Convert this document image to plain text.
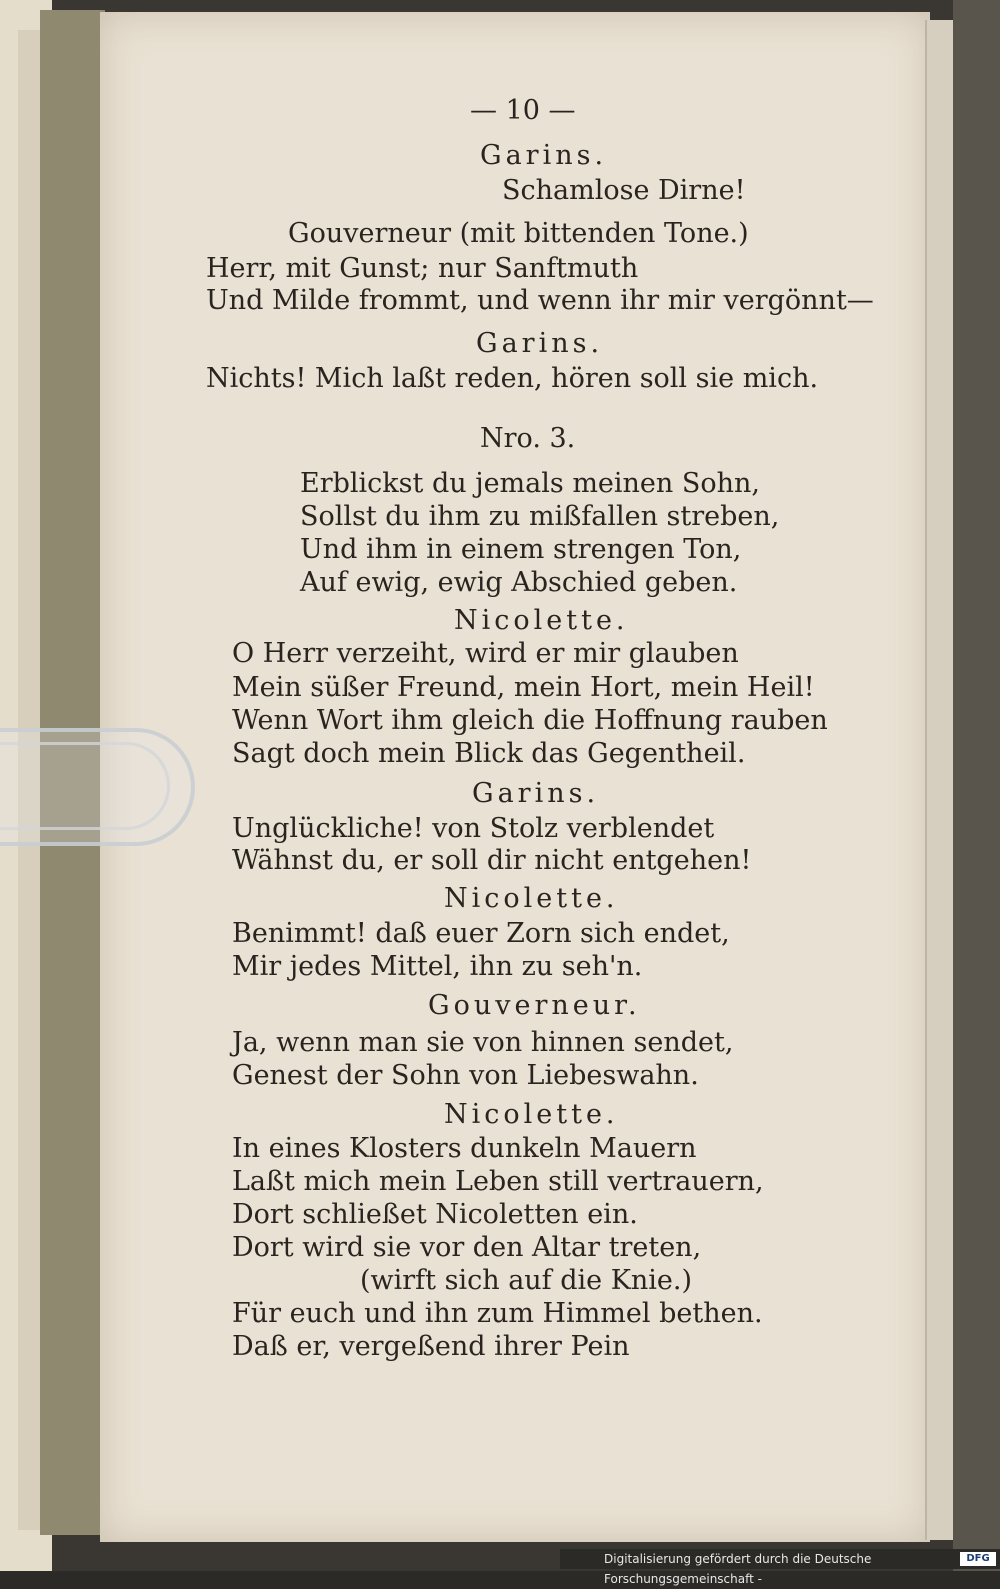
— 10 —
Garins.
Schamlose Dirne!
Gouverneur (mit bittenden Tone.)
Herr, mit Gunst; nur Sanftmuth
Und Milde frommt, und wenn ihr mir vergönnt—
Garins.
Nichts! Mich laßt reden, hören soll sie mich.
Nro. 3.
Erblickst du jemals meinen Sohn,
Sollst du ihm zu mißfallen streben,
Und ihm in einem strengen Ton,
Auf ewig, ewig Abschied geben.
Nicolette.
O Herr verzeiht, wird er mir glauben
Mein süßer Freund, mein Hort, mein Heil!
Wenn Wort ihm gleich die Hoffnung rauben
Sagt doch mein Blick das Gegentheil.
Garins.
Unglückliche! von Stolz verblendet
Wähnst du, er soll dir nicht entgehen!
Nicolette.
Benimmt! daß euer Zorn sich endet,
Mir jedes Mittel, ihn zu seh'n.
Gouverneur.
Ja, wenn man sie von hinnen sendet,
Genest der Sohn von Liebeswahn.
Nicolette.
In eines Klosters dunkeln Mauern
Laßt mich mein Leben still vertrauern,
Dort schließet Nicoletten ein.
Dort wird sie vor den Altar treten,
(wirft sich auf die Knie.)
Für euch und ihn zum Himmel bethen.
Daß er, vergeßend ihrer Pein
Digitalisierung gefördert durch die Deutsche Forschungsgemeinschaft -
DFG
